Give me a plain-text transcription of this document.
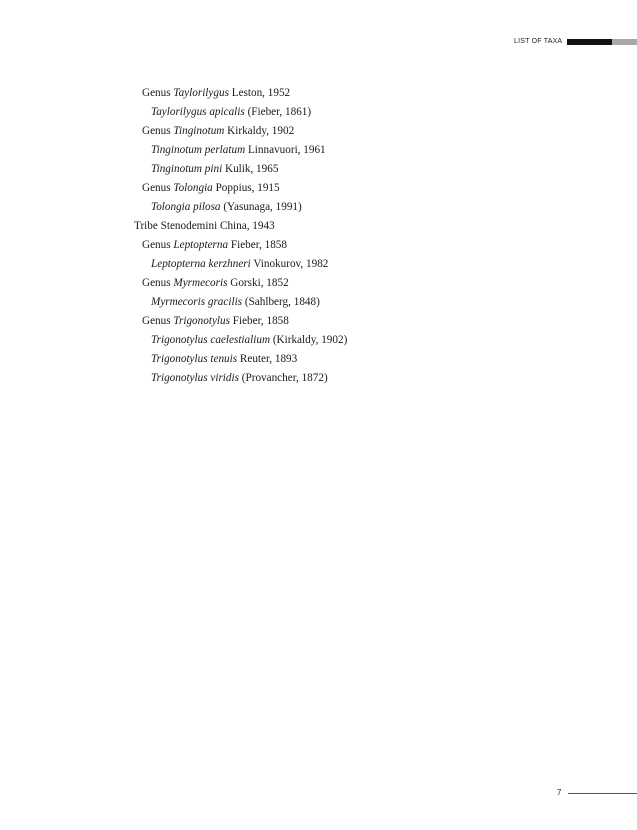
LIST OF TAXA
Genus Taylorilygus Leston, 1952
Taylorilygus apicalis (Fieber, 1861)
Genus Tinginotum Kirkaldy, 1902
Tinginotum perlatum Linnavuori, 1961
Tinginotum pini Kulik, 1965
Genus Tolongia Poppius, 1915
Tolongia pilosa (Yasunaga, 1991)
Tribe Stenodemini China, 1943
Genus Leptopterna Fieber, 1858
Leptopterna kerzhneri Vinokurov, 1982
Genus Myrmecoris Gorski, 1852
Myrmecoris gracilis (Sahlberg, 1848)
Genus Trigonotylus Fieber, 1858
Trigonotylus caelestialium (Kirkaldy, 1902)
Trigonotylus tenuis Reuter, 1893
Trigonotylus viridis (Provancher, 1872)
7
